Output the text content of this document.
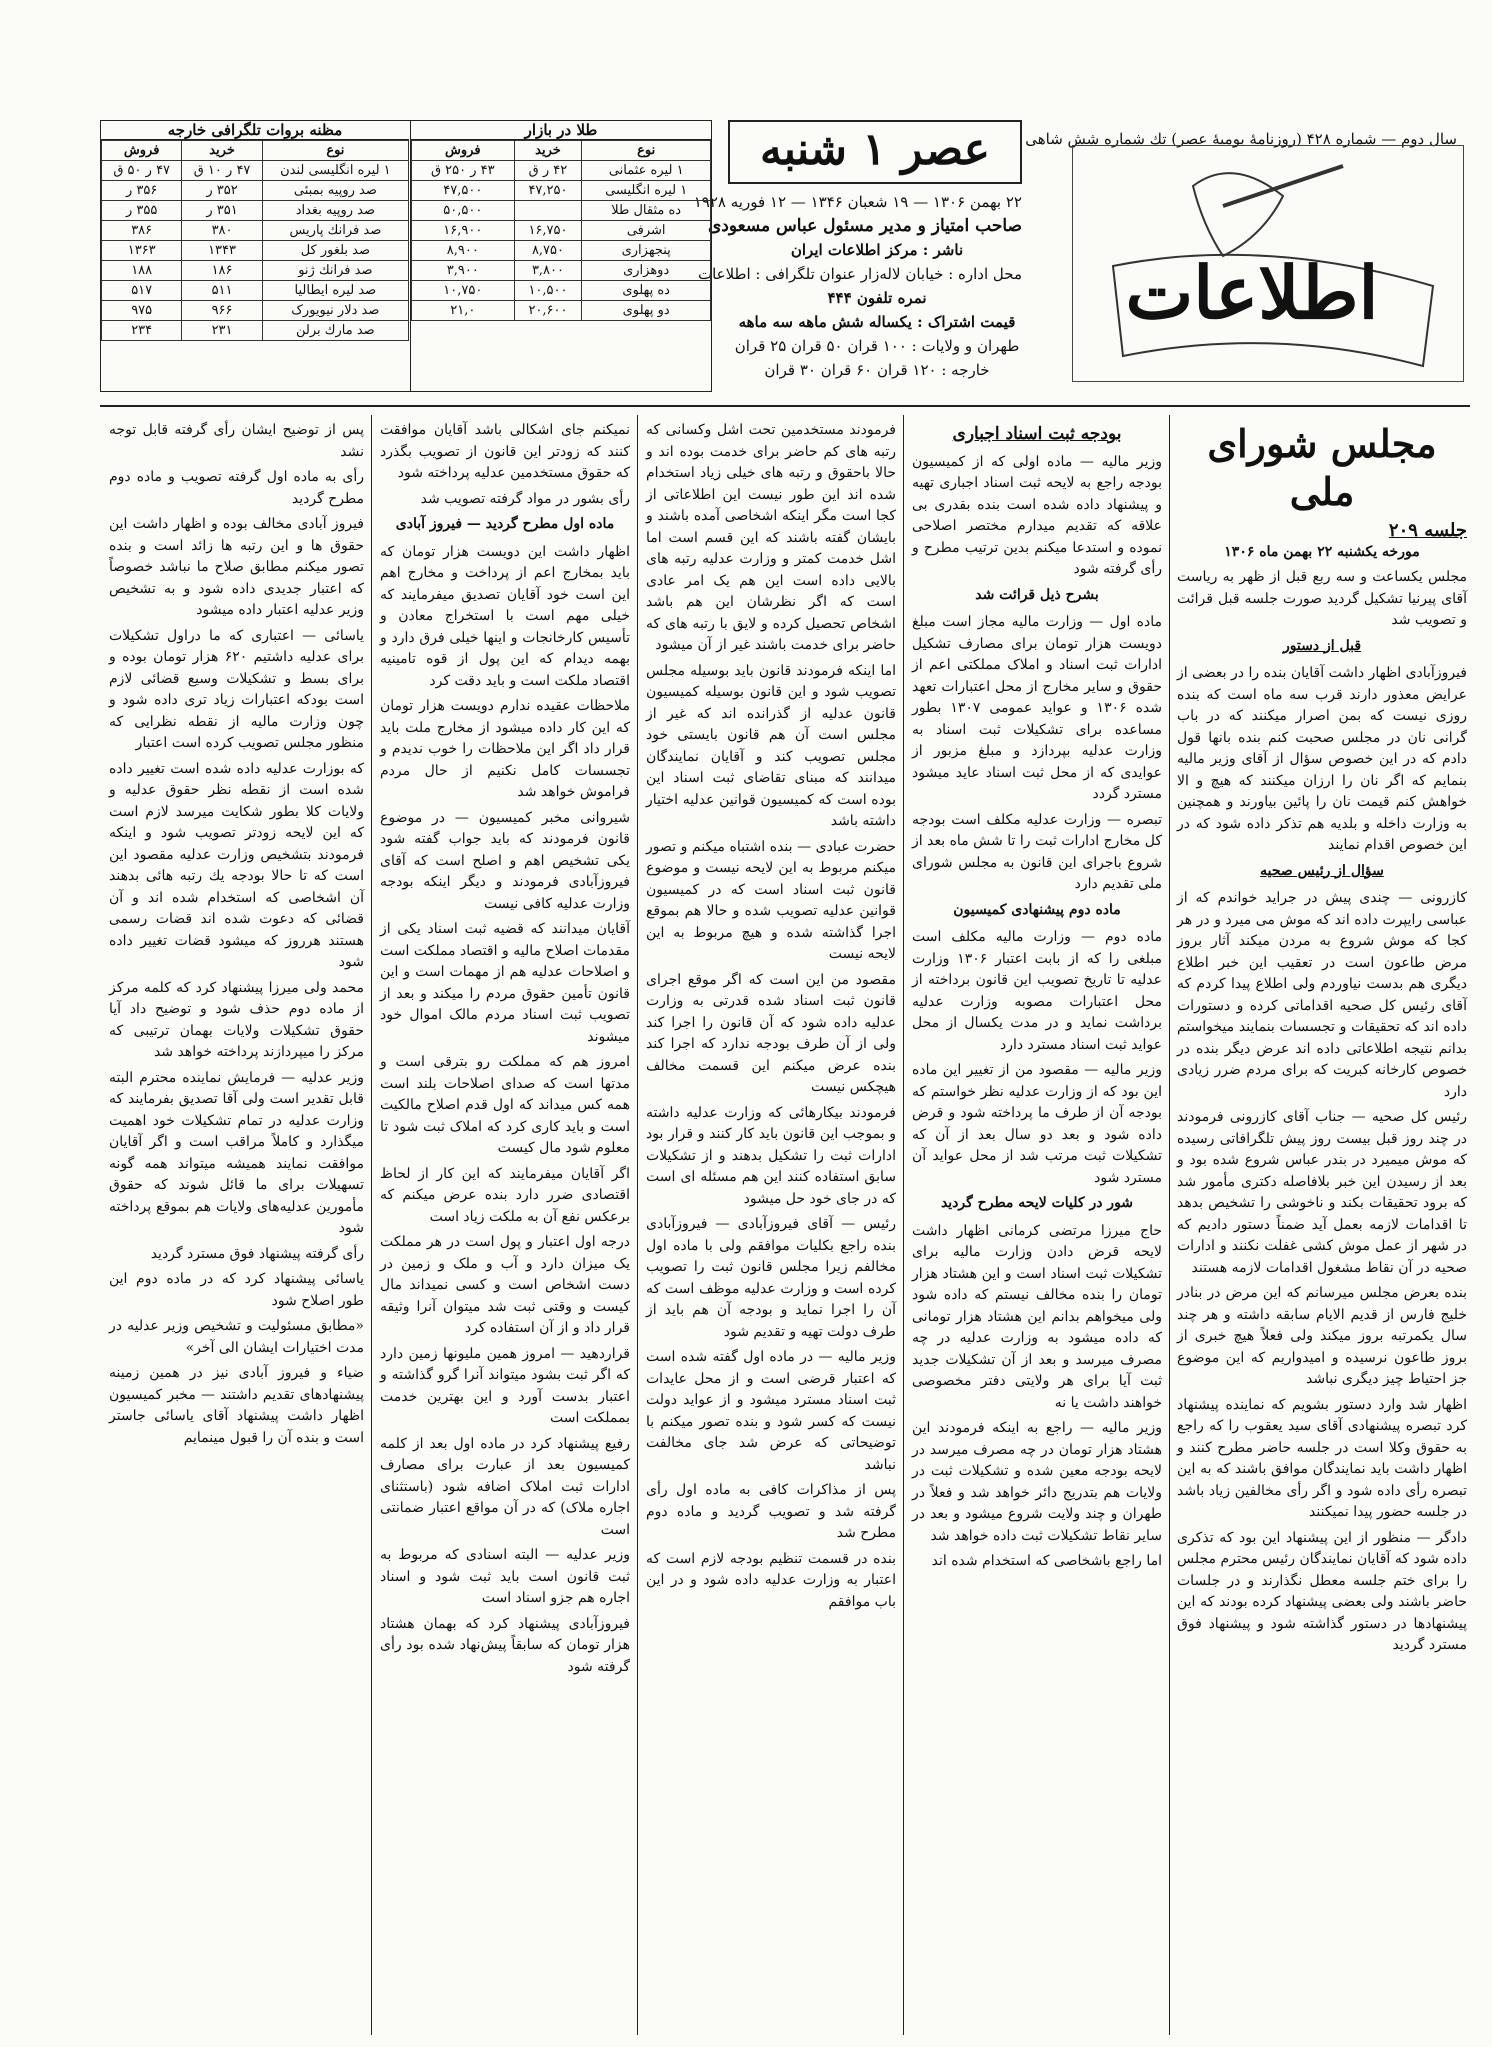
سال دوم — شماره ۴۲۸ (روزنامهٔ یومیهٔ عصر) تك شماره شش شاهی
اطلاعات
عصر ۱ شنبه
۲۲ بهمن ۱۳۰۶ — ۱۹ شعبان ۱۳۴۶ — ۱۲ فوریه ۱۹۲۸
صاحب امتیاز و مدیر مسئول عباس مسعودی
ناشر : مرکز اطلاعات ایران
محل اداره : خیابان لاله‌زار عنوان تلگرافی : اطلاعات
نمره تلفون ۴۴۴
قیمت اشتراک : یکساله شش ماهه سه ماهه
طهران و ولایات : ۱۰۰ قران ۵۰ قران ۲۵ قران
خارجه : ۱۲۰ قران ۶۰ قران ۳۰ قران
طلا در بازار
نوع	خرید	فروش
۱ لیره عثمانی	۴۲ ر ق	۴۳ ر ۲۵۰ ق
۱ لیره انگلیسی	۴۷,۲۵۰	۴۷,۵۰۰
ده مثقال طلا		۵۰,۵۰۰
اشرفی	۱۶,۷۵۰	۱۶,۹۰۰
پنجهزاری	۸,۷۵۰	۸,۹۰۰
دوهزاری	۳,۸۰۰	۳,۹۰۰
ده پهلوی	۱۰,۵۰۰	۱۰,۷۵۰
دو پهلوی	۲۰,۶۰۰	۲۱,۰
مظنه بروات تلگرافی خارجه
نوع	خرید	فروش
۱ لیره انگلیسی لندن	۴۷ ر ۱۰ ق	۴۷ ر ۵۰ ق
صد روپیه بمبئی	۳۵۲ ر	۳۵۶ ر
صد روپیه بغداد	۳۵۱ ر	۳۵۵ ر
صد فرانك پاریس	۳۸۰	۳۸۶
صد بلغور کل	۱۳۴۳	۱۳۶۳
صد فرانك ژنو	۱۸۶	۱۸۸
صد لیره ایطالیا	۵۱۱	۵۱۷
صد دلار نیویورک	۹۶۶	۹۷۵
صد مارك برلن	۲۳۱	۲۳۴
مجلس شورای ملی
جلسه ۲۰۹

مورخه یکشنبه ۲۲ بهمن ماه ۱۳۰۶

مجلس یکساعت و سه ربع قبل از ظهر به ریاست آقای پیرنیا تشکیل گردید صورت جلسه قبل قرائت و تصویب شد

قبل از دستور

فیروزآبادی اظهار داشت آقایان بنده را در بعضی از عرایض معذور دارند قرب سه ماه است که بنده روزی نیست که بمن اصرار میکنند که در باب گرانی نان در مجلس صحبت کنم بنده بانها قول دادم که در این خصوص سؤال از آقای وزیر مالیه بنمایم که اگر نان را ارزان میکنند که هیچ و الا خواهش کنم قیمت نان را پائین بیاورند و همچنین به وزارت داخله و بلدیه هم تذکر داده شود که در این خصوص اقدام نمایند

سؤال از رئیس صحیه

کازرونی — چندی پیش در جراید خواندم که از عباسی رایپرت داده اند که موش می میرد و در هر کجا که موش شروع به مردن میکند آثار بروز مرض طاعون است در تعقیب این خبر اطلاع دیگری هم بدست نیاوردم ولی اطلاع پیدا کردم که آقای رئیس کل صحیه اقداماتی کرده و دستورات داده اند که تحقیقات و تجسسات بنمایند میخواستم بدانم نتیجه اطلاعاتی داده اند عرض دیگر بنده در خصوص کارخانه کبریت که برای مردم ضرر زیادی دارد

رئیس کل صحیه — جناب آقای کازرونی فرمودند در چند روز قبل بیست روز پیش تلگرافاتی رسیده که موش میمیرد در بندر عباس شروع شده بود و بعد از رسیدن این خبر بلافاصله دکتری مأمور شد که برود تحقیقات بکند و ناخوشی را تشخیص بدهد تا اقدامات لازمه بعمل آید ضمناً دستور دادیم که در شهر از عمل موش کشی غفلت نکنند و ادارات صحیه در آن نقاط مشغول اقدامات لازمه هستند

بنده بعرض مجلس میرسانم که این مرض در بنادر خلیج فارس از قدیم الایام سابقه داشته و هر چند سال یکمرتبه بروز میکند ولی فعلاً هیچ خبری از بروز طاعون نرسیده و امیدواریم که این موضوع جز احتیاط چیز دیگری نباشد

اظهار شد وارد دستور بشویم که نماینده پیشنهاد کرد تبصره پیشنهادی آقای سید یعقوب را که راجع به حقوق وکلا است در جلسه حاضر مطرح کنند و اظهار داشت باید نمایندگان موافق باشند که به این تبصره رأی داده شود و اگر رأی مخالفین زیاد باشد در جلسه حضور پیدا نمیکنند

دادگر — منظور از این پیشنهاد این بود که تذکری داده شود که آقایان نمایندگان رئیس محترم مجلس را برای ختم جلسه معطل نگذارند و در جلسات حاضر باشند ولی بعضی پیشنهاد کرده بودند که این پیشنهادها در دستور گذاشته شود و پیشنهاد فوق مسترد گردید

بودجه ثبت اسناد اجباری

وزیر مالیه — ماده اولی که از کمیسیون بودجه راجع به لایحه ثبت اسناد اجباری تهیه و پیشنهاد داده شده است بنده بقدری بی علاقه که تقدیم میدارم مختصر اصلاحی نموده و استدعا میکنم بدین ترتیب مطرح و رأی گرفته شود

بشرح ذیل قرائت شد

ماده اول — وزارت مالیه مجاز است مبلغ دویست هزار تومان برای مصارف تشکیل ادارات ثبت اسناد و املاک مملکتی اعم از حقوق و سایر مخارج از محل اعتبارات تعهد شده ۱۳۰۶ و عواید عمومی ۱۳۰۷ بطور مساعده برای تشکیلات ثبت اسناد به وزارت عدلیه بپردازد و مبلغ مزبور از عوایدی که از محل ثبت اسناد عاید میشود مسترد گردد

تبصره — وزارت عدلیه مکلف است بودجه کل مخارج ادارات ثبت را تا شش ماه بعد از شروع باجرای این قانون به مجلس شورای ملی تقدیم دارد

ماده دوم پیشنهادی کمیسیون

ماده دوم — وزارت مالیه مکلف است مبلغی را که از بابت اعتبار ۱۳۰۶ وزارت عدلیه تا تاریخ تصویب این قانون برداخته از محل اعتبارات مصوبه وزارت عدلیه برداشت نماید و در مدت یکسال از محل عواید ثبت اسناد مسترد دارد

وزیر مالیه — مقصود من از تغییر این ماده این بود که از وزارت عدلیه نظر خواستم که بودجه آن از طرف ما پرداخته شود و قرض داده شود و بعد دو سال بعد از آن که تشکیلات ثبت مرتب شد از محل عواید آن مسترد شود

شور در کلیات لایحه مطرح گردید

حاج میرزا مرتضی کرمانی اظهار داشت لایحه قرض دادن وزارت مالیه برای تشکیلات ثبت اسناد است و این هشتاد هزار تومان را بنده مخالف نیستم که داده شود ولی میخواهم بدانم این هشتاد هزار تومانی که داده میشود به وزارت عدلیه در چه مصرف میرسد و بعد از آن تشکیلات جدید ثبت آیا برای هر ولایتی دفتر مخصوصی خواهند داشت یا نه

وزیر مالیه — راجع به اینکه فرمودند این هشتاد هزار تومان در چه مصرف میرسد در لایحه بودجه معین شده و تشکیلات ثبت در ولایات هم بتدریج دائر خواهد شد و فعلاً در طهران و چند ولایت شروع میشود و بعد در سایر نقاط تشکیلات ثبت داده خواهد شد

اما راجع باشخاصی که استخدام شده اند

فرمودند مستخدمین تحت اشل وکسانی که رتبه های کم حاضر برای خدمت بوده اند و حالا باحقوق و رتبه های خیلی زیاد استخدام شده اند این طور نیست این اطلاعاتی از کجا است مگر اینکه اشخاصی آمده باشند و بایشان گفته باشند که این قسم است اما اشل خدمت کمتر و وزارت عدلیه رتبه های بالایی داده است این هم یک امر عادی است که اگر نظرشان این هم باشد اشخاص تحصیل کرده و لایق با رتبه های که حاضر برای خدمت باشند غیر از آن میشود

اما اینکه فرمودند قانون باید بوسیله مجلس تصویب شود و این قانون بوسیله کمیسیون قانون عدلیه از گذرانده اند که غیر از مجلس است آن هم قانون بایستی خود مجلس تصویب کند و آقایان نمایندگان میدانند که مبنای تقاضای ثبت اسناد این بوده است که کمیسیون قوانین عدلیه اختیار داشته باشد

حضرت عبادی — بنده اشتباه میکنم و تصور میکنم مربوط به این لایحه نیست و موضوع قانون ثبت اسناد است که در کمیسیون قوانین عدلیه تصویب شده و حالا هم بموقع اجرا گذاشته شده و هیچ مربوط به این لایحه نیست

مقصود من این است که اگر موقع اجرای قانون ثبت اسناد شده قدرتی به وزارت عدلیه داده شود که آن قانون را اجرا کند ولی از آن طرف بودجه ندارد که اجرا کند بنده عرض میکنم این قسمت مخالف هیچکس نیست

فرمودند بیکارهائی که وزارت عدلیه داشته و بموجب این قانون باید کار کنند و قرار بود ادارات ثبت را تشکیل بدهند و از تشکیلات سابق استفاده کنند این هم مسئله ای است که در جای خود حل میشود

رئیس — آقای فیروزآبادی — فیروزآبادی بنده راجع بکلیات موافقم ولی با ماده اول مخالفم زیرا مجلس قانون ثبت را تصویب کرده است و وزارت عدلیه موظف است که آن را اجرا نماید و بودجه آن هم باید از طرف دولت تهیه و تقدیم شود

وزیر مالیه — در ماده اول گفته شده است که اعتبار قرضی است و از محل عایدات ثبت اسناد مسترد میشود و از عواید دولت نیست که کسر شود و بنده تصور میکنم با توضیحاتی که عرض شد جای مخالفت نباشد

پس از مذاکرات کافی به ماده اول رأی گرفته شد و تصویب گردید و ماده دوم مطرح شد

بنده در قسمت تنظیم بودجه لازم است که اعتبار به وزارت عدلیه داده شود و در این باب موافقم

نمیکنم جای اشکالی باشد آقایان موافقت کنند که زودتر این قانون از تصویب بگذرد که حقوق مستخدمین عدلیه پرداخته شود

رأی بشور در مواد گرفته تصویب شد

ماده اول مطرح گردید — فیروز آبادی

اظهار داشت این دویست هزار تومان که باید بمخارج اعم از پرداخت و مخارج اهم این است خود آقایان تصدیق میفرمایند که خیلی مهم است با استخراج معادن و تأسیس کارخانجات و اینها خیلی فرق دارد و بهمه دیدام که این پول از قوه تامینیه اقتصاد ملکت است و باید دقت کرد

ملاحظات عقیده ندارم دویست هزار تومان که این کار داده میشود از مخارج ملت باید قرار داد اگر این ملاحظات را خوب ندیدم و تجسسات کامل نکنیم از حال مردم فراموش خواهد شد

شیروانی مخبر کمیسیون — در موضوع قانون فرمودند که باید جواب گفته شود یکی تشخیص اهم و اصلح است که آقای فیروزآبادی فرمودند و دیگر اینکه بودجه وزارت عدلیه کافی نیست

آقایان میدانند که قضیه ثبت اسناد یکی از مقدمات اصلاح مالیه و اقتصاد مملکت است و اصلاحات عدلیه هم از مهمات است و این قانون تأمین حقوق مردم را میکند و بعد از تصویب ثبت اسناد مردم مالک اموال خود میشوند

امروز هم که مملکت رو بترقی است و مدتها است که صدای اصلاحات بلند است همه کس میداند که اول قدم اصلاح مالکیت است و باید کاری کرد که املاک ثبت شود تا معلوم شود مال کیست

اگر آقایان میفرمایند که این کار از لحاظ اقتصادی ضرر دارد بنده عرض میکنم که برعکس نفع آن به ملکت زیاد است

درجه اول اعتبار و پول است در هر مملکت یک میزان دارد و آب و ملک و زمین در دست اشخاص است و کسی نمیداند مال کیست و وقتی ثبت شد میتوان آنرا وثیقه قرار داد و از آن استفاده کرد

قراردهید — امروز همین ملیونها زمین دارد که اگر ثبت بشود میتواند آنرا گرو گذاشته و اعتبار بدست آورد و این بهترین خدمت بمملکت است

رفیع پیشنهاد کرد در ماده اول بعد از کلمه کمیسیون بعد از عبارت برای مصارف ادارات ثبت املاک اضافه شود (باستثنای اجاره ملاک) که در آن مواقع اعتبار ضمانتی است

وزیر عدلیه — البته اسنادی که مربوط به ثبت قانون است باید ثبت شود و اسناد اجاره هم جزو اسناد است

فیروزآبادی پیشنهاد کرد که بهمان هشتاد هزار تومان که سابقاً پیش‌نهاد شده بود رأی گرفته شود

پس از توضیح ایشان رأی گرفته قابل توجه نشد

رأی به ماده اول گرفته تصویب و ماده دوم مطرح گردید

فیروز آبادی مخالف بوده و اظهار داشت این حقوق ها و این رتبه ها زائد است و بنده تصور میکنم مطابق صلاح ما نباشد خصوصاً که اعتبار جدیدی داده شود و به تشخیص وزیر عدلیه اعتبار داده میشود

یاسائی — اعتباری که ما دراول تشکیلات برای عدلیه داشتیم ۶۲۰ هزار تومان بوده و برای بسط و تشکیلات وسیع قضائی لازم است بودکه اعتبارات زیاد تری داده شود و چون وزارت مالیه از نقطه نظرایی که منظور مجلس تصویب کرده است اعتبار

که بوزارت عدلیه داده شده است تغییر داده شده است از نقطه نظر حقوق عدلیه و ولایات کلا بطور شکایت میرسد لازم است که این لایحه زودتر تصویب شود و اینکه فرمودند بتشخیص وزارت عدلیه مقصود این است که تا حالا بودجه یك رتبه هائی بدهند آن اشخاصی که استخدام شده اند و آن قضائی که دعوت شده اند قضات رسمی هستند هرروز که میشود قضات تغییر داده شود

محمد ولی میرزا پیشنهاد کرد که کلمه مرکز از ماده دوم حذف شود و توضیح داد آیا حقوق تشکیلات ولایات بهمان ترتیبی که مرکز را میپردازند پرداخته خواهد شد

وزیر عدلیه — فرمایش نماینده محترم البته قابل تقدیر است ولی آقا تصدیق بفرمایند که وزارت عدلیه در تمام تشکیلات خود اهمیت میگذارد و کاملاً مراقب است و اگر آقایان موافقت نمایند همیشه میتواند همه گونه تسهیلات برای ما قائل شوند که حقوق مأمورین عدلیه‌های ولایات هم بموقع پرداخته شود

رأی گرفته پیشنهاد فوق مسترد گردید

یاسائی پیشنهاد کرد که در ماده دوم این طور اصلاح شود

«مطابق مسئولیت و تشخیص وزیر عدلیه در مدت اختیارات ایشان الی آخر»

ضیاء و فیروز آبادی نیز در همین زمینه پیشنهادهای تقدیم داشتند — مخبر کمیسیون اظهار داشت پیشنهاد آقای یاسائی جاستر است و بنده آن را قبول مینمایم
